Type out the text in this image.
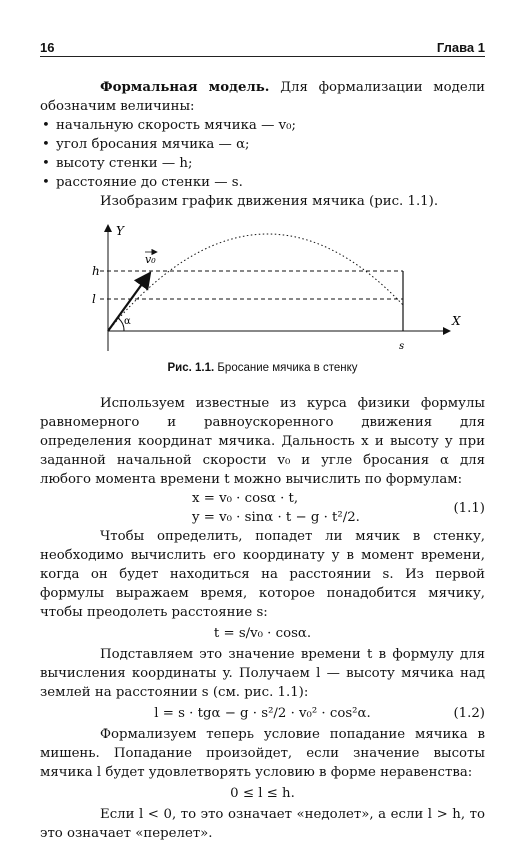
16	Глава 1

Формальная модель. Для формализации модели обозначим величины:

• начальную скорость мячика — v₀;
• угол бросания мячика — α;
• высоту стенки — h;
• расстояние до стенки — s.

Изобразим график движения мячика (рис. 1.1).

Y
X
h
l
s
α
v₀
Рис. 1.1. Бросание мячика в стенку

Используем известные из курса физики формулы равномерного и равноускоренного движения для определения координат мячика. Дальность x и высоту y при заданной начальной скорости v₀ и угле бросания α для любого момента времени t можно вычислить по формулам:

x = v₀ · cosα · t,
y = v₀ · sinα · t − g · t²/2.
(1.1)

Чтобы определить, попадет ли мячик в стенку, необходимо вычислить его координату y в момент времени, когда он будет находиться на расстоянии s. Из первой формулы выражаем время, которое понадобится мячику, чтобы преодолеть расстояние s:

t = s/v₀ · cosα.

Подставляем это значение времени t в формулу для вычисления координаты y. Получаем l — высоту мячика над землей на расстоянии s (см. рис. 1.1):

l = s · tgα − g · s²/2 · v₀² · cos²α.	(1.2)

Формализуем теперь условие попадание мячика в мишень. Попадание произойдет, если значение высоты мячика l будет удовлетворять условию в форме неравенства:

0 ≤ l ≤ h.

Если l < 0, то это означает «недолет», а если l > h, то это означает «перелет».
